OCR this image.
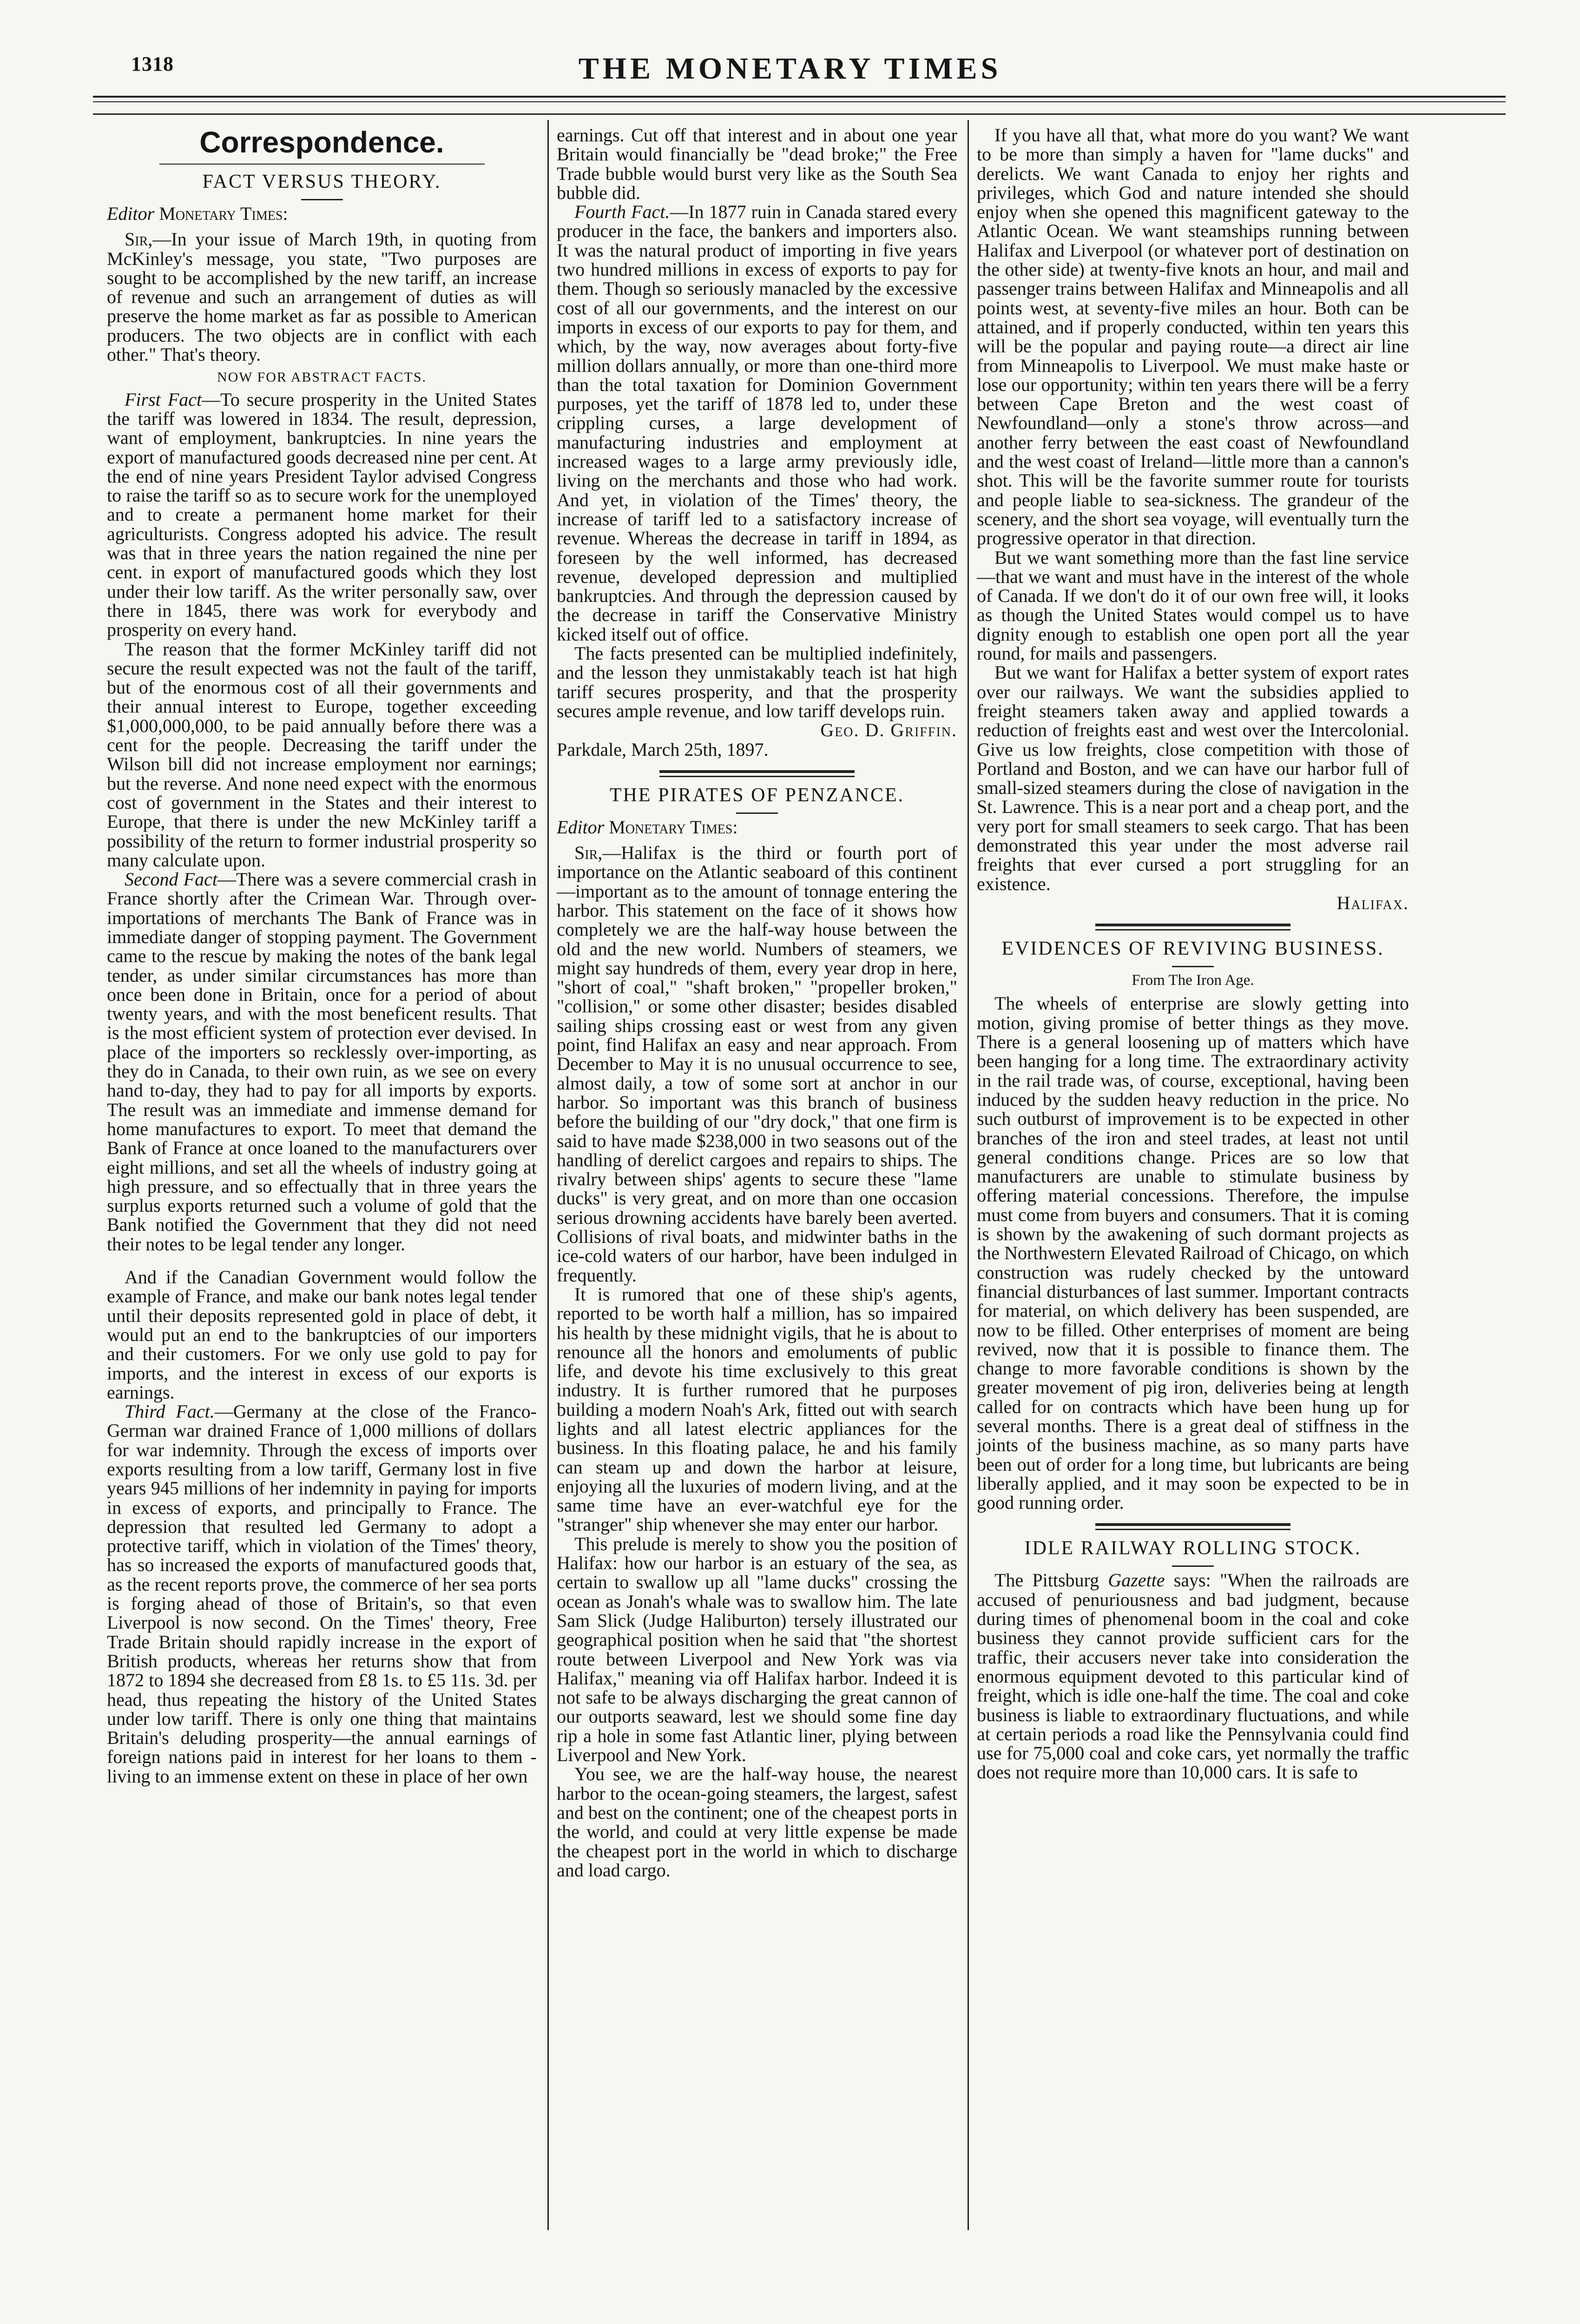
1318	THE MONETARY TIMES
Correspondence.
FACT VERSUS THEORY.

Editor Monetary Times:

Sir,—In your issue of March 19th, in quoting from McKinley's message, you state, "Two purposes are sought to be accomplished by the new tariff, an increase of revenue and such an arrangement of duties as will preserve the home market as far as possible to American producers. The two objects are in conflict with each other." That's theory.

NOW FOR ABSTRACT FACTS.

First Fact—To secure prosperity in the United States the tariff was lowered in 1834. The result, depression, want of employment, bankruptcies. In nine years the export of manufactured goods decreased nine per cent. At the end of nine years President Taylor advised Congress to raise the tariff so as to secure work for the unemployed and to create a permanent home market for their agriculturists. Congress adopted his advice. The result was that in three years the nation regained the nine per cent. in export of manufactured goods which they lost under their low tariff. As the writer personally saw, over there in 1845, there was work for everybody and prosperity on every hand.

The reason that the former McKinley tariff did not secure the result expected was not the fault of the tariff, but of the enormous cost of all their governments and their annual interest to Europe, together exceeding $1,000,000,000, to be paid annually before there was a cent for the people. Decreasing the tariff under the Wilson bill did not increase employment nor earnings; but the reverse. And none need expect with the enormous cost of government in the States and their interest to Europe, that there is under the new McKinley tariff a possibility of the return to former industrial prosperity so many calculate upon.

Second Fact—There was a severe commercial crash in France shortly after the Crimean War. Through over-importations of merchants The Bank of France was in immediate danger of stopping payment. The Government came to the rescue by making the notes of the bank legal tender, as under similar circumstances has more than once been done in Britain, once for a period of about twenty years, and with the most beneficent results. That is the most efficient system of protection ever devised. In place of the importers so recklessly over-importing, as they do in Canada, to their own ruin, as we see on every hand to-day, they had to pay for all imports by exports. The result was an immediate and immense demand for home manufactures to export. To meet that demand the Bank of France at once loaned to the manufacturers over eight millions, and set all the wheels of industry going at high pressure, and so effectually that in three years the surplus exports returned such a volume of gold that the Bank notified the Government that they did not need their notes to be legal tender any longer.

And if the Canadian Government would follow the example of France, and make our bank notes legal tender until their deposits represented gold in place of debt, it would put an end to the bankruptcies of our importers and their customers. For we only use gold to pay for imports, and the interest in excess of our exports is earnings.

Third Fact.—Germany at the close of the Franco-German war drained France of 1,000 millions of dollars for war indemnity. Through the excess of imports over exports resulting from a low tariff, Germany lost in five years 945 millions of her indemnity in paying for imports in excess of exports, and principally to France. The depression that resulted led Germany to adopt a protective tariff, which in violation of the Times' theory, has so increased the exports of manufactured goods that, as the recent reports prove, the commerce of her sea ports is forging ahead of those of Britain's, so that even Liverpool is now second. On the Times' theory, Free Trade Britain should rapidly increase in the export of British products, whereas her returns show that from 1872 to 1894 she decreased from £8 1s. to £5 11s. 3d. per head, thus repeating the history of the United States under low tariff. There is only one thing that maintains Britain's deluding prosperity—the annual earnings of foreign nations paid in interest for her loans to them - living to an immense extent on these in place of her own

earnings. Cut off that interest and in about one year Britain would financially be "dead broke;" the Free Trade bubble would burst very like as the South Sea bubble did.

Fourth Fact.—In 1877 ruin in Canada stared every producer in the face, the bankers and importers also. It was the natural product of importing in five years two hundred millions in excess of exports to pay for them. Though so seriously manacled by the excessive cost of all our governments, and the interest on our imports in excess of our exports to pay for them, and which, by the way, now averages about forty-five million dollars annually, or more than one-third more than the total taxation for Dominion Government purposes, yet the tariff of 1878 led to, under these crippling curses, a large development of manufacturing industries and employment at increased wages to a large army previously idle, living on the merchants and those who had work. And yet, in violation of the Times' theory, the increase of tariff led to a satisfactory increase of revenue. Whereas the decrease in tariff in 1894, as foreseen by the well informed, has decreased revenue, developed depression and multiplied bankruptcies. And through the depression caused by the decrease in tariff the Conservative Ministry kicked itself out of office.

The facts presented can be multiplied indefinitely, and the lesson they unmistakably teach ist hat high tariff secures prosperity, and that the prosperity secures ample revenue, and low tariff develops ruin.

Geo. D. Griffin.

Parkdale, March 25th, 1897.

THE PIRATES OF PENZANCE.

Editor Monetary Times:

Sir,—Halifax is the third or fourth port of importance on the Atlantic seaboard of this continent—important as to the amount of tonnage entering the harbor. This statement on the face of it shows how completely we are the half-way house between the old and the new world. Numbers of steamers, we might say hundreds of them, every year drop in here, "short of coal," "shaft broken," "propeller broken," "collision," or some other disaster; besides disabled sailing ships crossing east or west from any given point, find Halifax an easy and near approach. From December to May it is no unusual occurrence to see, almost daily, a tow of some sort at anchor in our harbor. So important was this branch of business before the building of our "dry dock," that one firm is said to have made $238,000 in two seasons out of the handling of derelict cargoes and repairs to ships. The rivalry between ships' agents to secure these "lame ducks" is very great, and on more than one occasion serious drowning accidents have barely been averted. Collisions of rival boats, and midwinter baths in the ice-cold waters of our harbor, have been indulged in frequently.

It is rumored that one of these ship's agents, reported to be worth half a million, has so impaired his health by these midnight vigils, that he is about to renounce all the honors and emoluments of public life, and devote his time exclusively to this great industry. It is further rumored that he purposes building a modern Noah's Ark, fitted out with search lights and all latest electric appliances for the business. In this floating palace, he and his family can steam up and down the harbor at leisure, enjoying all the luxuries of modern living, and at the same time have an ever-watchful eye for the "stranger" ship whenever she may enter our harbor.

This prelude is merely to show you the position of Halifax: how our harbor is an estuary of the sea, as certain to swallow up all "lame ducks" crossing the ocean as Jonah's whale was to swallow him. The late Sam Slick (Judge Haliburton) tersely illustrated our geographical position when he said that "the shortest route between Liverpool and New York was via Halifax," meaning via off Halifax harbor. Indeed it is not safe to be always discharging the great cannon of our outports seaward, lest we should some fine day rip a hole in some fast Atlantic liner, plying between Liverpool and New York.

You see, we are the half-way house, the nearest harbor to the ocean-going steamers, the largest, safest and best on the continent; one of the cheapest ports in the world, and could at very little expense be made the cheapest port in the world in which to discharge and load cargo.

If you have all that, what more do you want? We want to be more than simply a haven for "lame ducks" and derelicts. We want Canada to enjoy her rights and privileges, which God and nature intended she should enjoy when she opened this magnificent gateway to the Atlantic Ocean. We want steamships running between Halifax and Liverpool (or whatever port of destination on the other side) at twenty-five knots an hour, and mail and passenger trains between Halifax and Minneapolis and all points west, at seventy-five miles an hour. Both can be attained, and if properly conducted, within ten years this will be the popular and paying route—a direct air line from Minneapolis to Liverpool. We must make haste or lose our opportunity; within ten years there will be a ferry between Cape Breton and the west coast of Newfoundland—only a stone's throw across—and another ferry between the east coast of Newfoundland and the west coast of Ireland—little more than a cannon's shot. This will be the favorite summer route for tourists and people liable to sea-sickness. The grandeur of the scenery, and the short sea voyage, will eventually turn the progressive operator in that direction.

But we want something more than the fast line service—that we want and must have in the interest of the whole of Canada. If we don't do it of our own free will, it looks as though the United States would compel us to have dignity enough to establish one open port all the year round, for mails and passengers.

But we want for Halifax a better system of export rates over our railways. We want the subsidies applied to freight steamers taken away and applied towards a reduction of freights east and west over the Intercolonial. Give us low freights, close competition with those of Portland and Boston, and we can have our harbor full of small-sized steamers during the close of navigation in the St. Lawrence. This is a near port and a cheap port, and the very port for small steamers to seek cargo. That has been demonstrated this year under the most adverse rail freights that ever cursed a port struggling for an existence.

Halifax.

EVIDENCES OF REVIVING BUSINESS.

From The Iron Age.

The wheels of enterprise are slowly getting into motion, giving promise of better things as they move. There is a general loosening up of matters which have been hanging for a long time. The extraordinary activity in the rail trade was, of course, exceptional, having been induced by the sudden heavy reduction in the price. No such outburst of improvement is to be expected in other branches of the iron and steel trades, at least not until general conditions change. Prices are so low that manufacturers are unable to stimulate business by offering material concessions. Therefore, the impulse must come from buyers and consumers. That it is coming is shown by the awakening of such dormant projects as the Northwestern Elevated Railroad of Chicago, on which construction was rudely checked by the untoward financial disturbances of last summer. Important contracts for material, on which delivery has been suspended, are now to be filled. Other enterprises of moment are being revived, now that it is possible to finance them. The change to more favorable conditions is shown by the greater movement of pig iron, deliveries being at length called for on contracts which have been hung up for several months. There is a great deal of stiffness in the joints of the business machine, as so many parts have been out of order for a long time, but lubricants are being liberally applied, and it may soon be expected to be in good running order.

IDLE RAILWAY ROLLING STOCK.

The Pittsburg Gazette says: "When the railroads are accused of penuriousness and bad judgment, because during times of phenomenal boom in the coal and coke business they cannot provide sufficient cars for the traffic, their accusers never take into consideration the enormous equipment devoted to this particular kind of freight, which is idle one-half the time. The coal and coke business is liable to extraordinary fluctuations, and while at certain periods a road like the Pennsylvania could find use for 75,000 coal and coke cars, yet normally the traffic does not require more than 10,000 cars. It is safe to
